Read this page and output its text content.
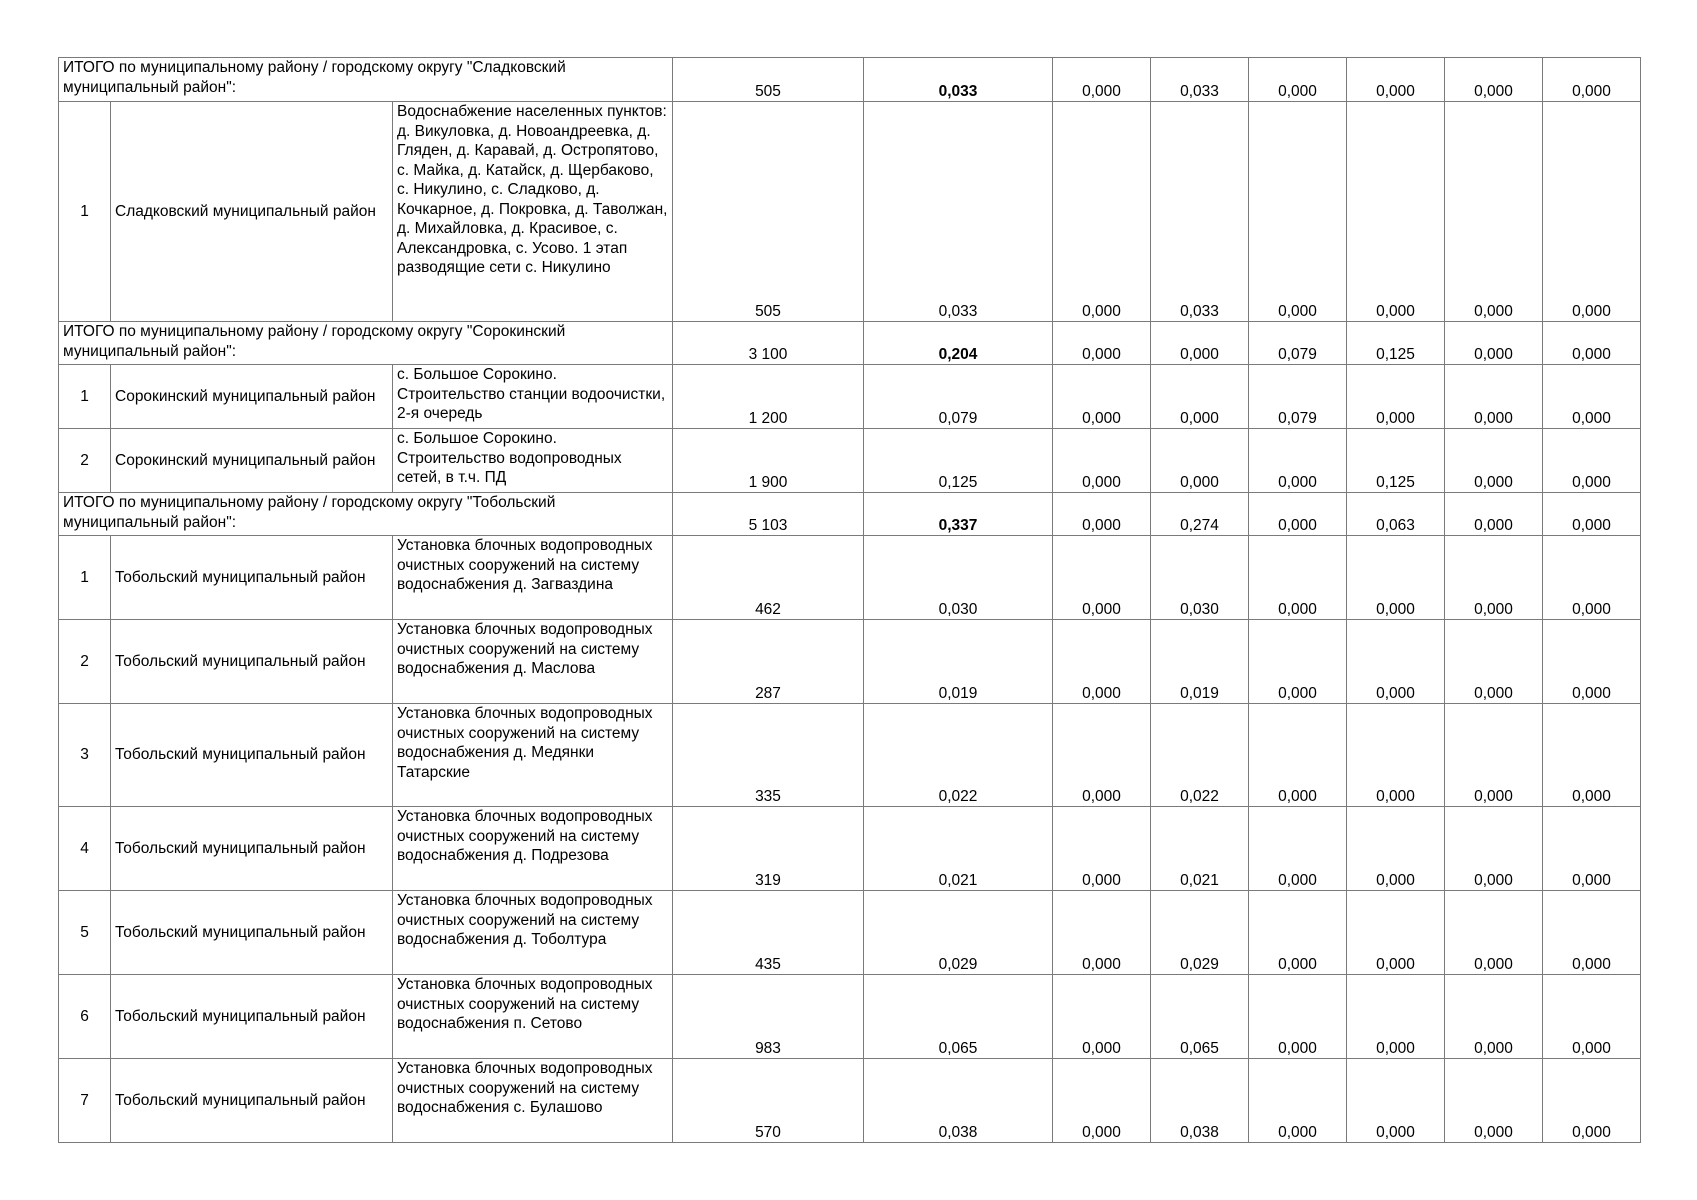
ИТОГО по муниципальному району / городскому округу "Сладковский муниципальный район":			505	0,033	0,000	0,033	0,000	0,000	0,000	0,000
1	Сладковский муниципальный район	Водоснабжение населенных пунктов: д. Викуловка, д. Новоандреевка, д. Гляден, д. Каравай, д. Остропятово, с. Майка, д. Катайск, д. Щербаково, с. Никулино, с. Сладково, д. Кочкарное, д. Покровка, д. Таволжан, д. Михайловка, д. Красивое, с. Александровка, с. Усово. 1 этап разводящие сети с. Никулино	505	0,033	0,000	0,033	0,000	0,000	0,000	0,000
ИТОГО по муниципальному району / городскому округу "Сорокинский муниципальный район":			3 100	0,204	0,000	0,000	0,079	0,125	0,000	0,000
1	Сорокинский муниципальный район	с. Большое Сорокино. Строительство станции водоочистки, 2-я очередь	1 200	0,079	0,000	0,000	0,079	0,000	0,000	0,000
2	Сорокинский муниципальный район	с. Большое Сорокино. Строительство водопроводных сетей, в т.ч. ПД	1 900	0,125	0,000	0,000	0,000	0,125	0,000	0,000
ИТОГО по муниципальному району / городскому округу "Тобольский муниципальный район":			5 103	0,337	0,000	0,274	0,000	0,063	0,000	0,000
1	Тобольский муниципальный район	Установка блочных водопроводных очистных сооружений на систему водоснабжения д. Загваздина	462	0,030	0,000	0,030	0,000	0,000	0,000	0,000
2	Тобольский муниципальный район	Установка блочных водопроводных очистных сооружений на систему водоснабжения д. Маслова	287	0,019	0,000	0,019	0,000	0,000	0,000	0,000
3	Тобольский муниципальный район	Установка блочных водопроводных очистных сооружений на систему водоснабжения д. Медянки Татарские	335	0,022	0,000	0,022	0,000	0,000	0,000	0,000
4	Тобольский муниципальный район	Установка блочных водопроводных очистных сооружений на систему водоснабжения д. Подрезова	319	0,021	0,000	0,021	0,000	0,000	0,000	0,000
5	Тобольский муниципальный район	Установка блочных водопроводных очистных сооружений на систему водоснабжения д. Тоболтура	435	0,029	0,000	0,029	0,000	0,000	0,000	0,000
6	Тобольский муниципальный район	Установка блочных водопроводных очистных сооружений на систему водоснабжения п. Сетово	983	0,065	0,000	0,065	0,000	0,000	0,000	0,000
7	Тобольский муниципальный район	Установка блочных водопроводных очистных сооружений на систему водоснабжения с. Булашово	570	0,038	0,000	0,038	0,000	0,000	0,000	0,000
